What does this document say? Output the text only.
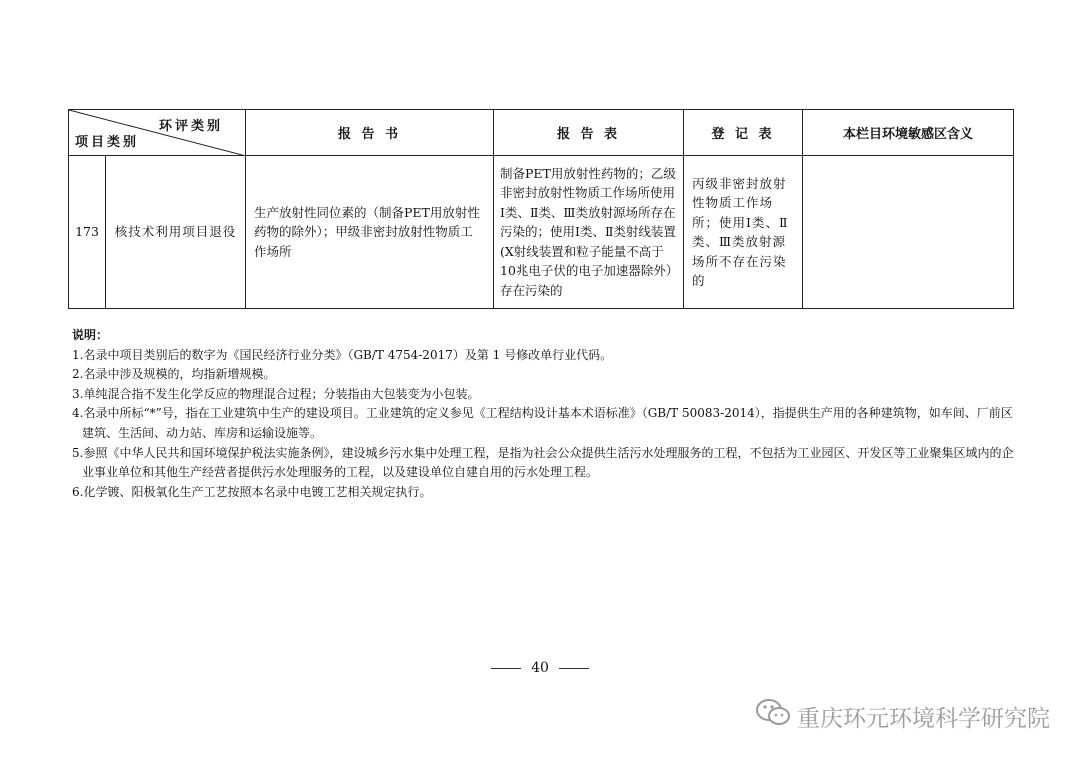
环评类别
项目类别		报 告 书	报 告 表	登 记 表	本栏目环境敏感区含义
173	核技术利用项目退役	生产放射性同位素的（制备PET用放射性药物的除外）；甲级非密封放射性物质工作场所	制备PET用放射性药物的；乙级非密封放射性物质工作场所使用Ⅰ类、Ⅱ类、Ⅲ类放射源场所存在污染的；使用Ⅰ类、Ⅱ类射线装置(X射线装置和粒子能量不高于10兆电子伏的电子加速器除外）存在污染的	丙级非密封放射性物质工作场所；使用Ⅰ类、Ⅱ类、Ⅲ类放射源场所不存在污染的	
说明：
1.名录中项目类别后的数字为《国民经济行业分类》（GB/T 4754-2017）及第 1 号修改单行业代码。
2.名录中涉及规模的，均指新增规模。
3.单纯混合指不发生化学反应的物理混合过程；分装指由大包装变为小包装。
4.名录中所标“*”号，指在工业建筑中生产的建设项目。工业建筑的定义参见《工程结构设计基本术语标准》（GB/T 50083-2014），指提供生产用的各种建筑物，如车间、厂前区建筑、生活间、动力站、库房和运输设施等。
5.参照《中华人民共和国环境保护税法实施条例》，建设城乡污水集中处理工程，是指为社会公众提供生活污水处理服务的工程，不包括为工业园区、开发区等工业聚集区域内的企业事业单位和其他生产经营者提供污水处理服务的工程，以及建设单位自建自用的污水处理工程。
6.化学镀、阳极氧化生产工艺按照本名录中电镀工艺相关规定执行。
40
重庆环元环境科学研究院
